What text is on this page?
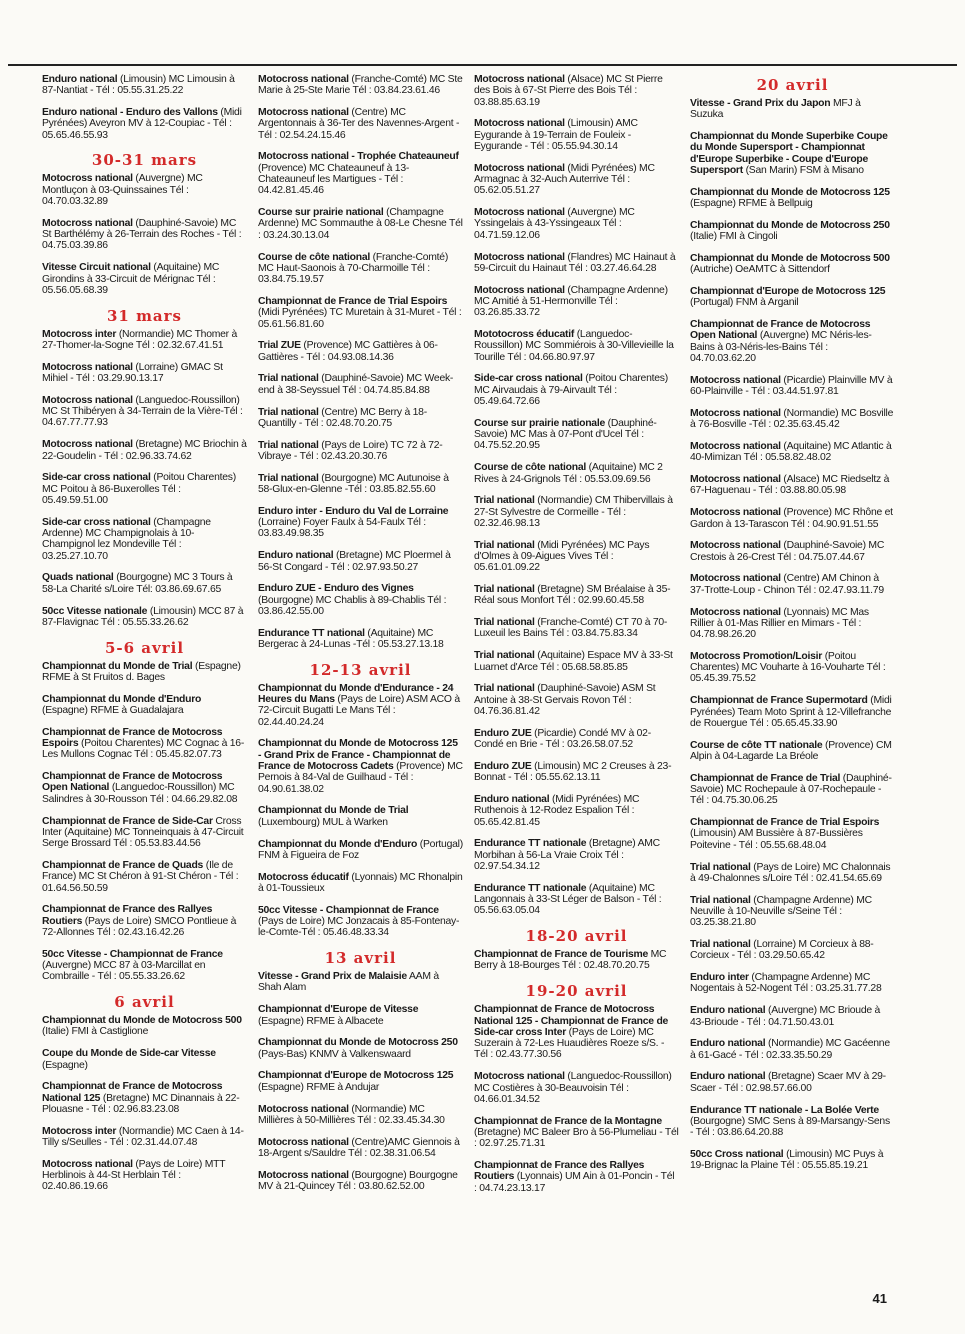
Enduro national (Limousin) MC Limousin à 87-Nantiat - Tél : 05.55.31.25.22
Enduro national - Enduro des Vallons (Midi Pyrénées) Aveyron MV à 12-Coupiac - Tél : 05.65.46.55.93
30-31 mars
Motocross national (Auvergne) MC Montluçon à 03-Quinssaines Tél : 04.70.03.32.89
Motocross national (Dauphiné-Savoie) MC St Barthélémy à 26-Terrain des Roches - Tél : 04.75.03.39.86
Vitesse Circuit national (Aquitaine) MC Girondins à 33-Circuit de Mérignac Tél : 05.56.05.68.39
31 mars
Motocross inter (Normandie) MC Thomer à 27-Thomer-la-Sogne Tél : 02.32.67.41.51
Motocross national (Lorraine) GMAC St Mihiel - Tél : 03.29.90.13.17
Motocross national (Languedoc-Roussillon) MC St Thibéryen à 34-Terrain de la Vière-Tél : 04.67.77.77.93
Motocross national (Bretagne) MC Briochin à 22-Goudelin - Tél : 02.96.33.74.62
Side-car cross national (Poitou Charentes) MC Poitou à 86-Buxerolles Tél : 05.49.59.51.00
Side-car cross national (Champagne Ardenne) MC Champignolais à 10-Champignol lez Mondeville Tél : 03.25.27.10.70
Quads national (Bourgogne) MC 3 Tours à 58-La Charité s/Loire Tél: 03.86.69.67.65
50cc Vitesse nationale (Limousin) MCC 87 à 87-Flavignac Tél : 05.55.33.26.62
5-6 avril
Championnat du Monde de Trial (Espagne) RFME à St Fruitos d. Bages
Championnat du Monde d'Enduro (Espagne) RFME à Guadalajara
Championnat de France de Motocross Espoirs (Poitou Charentes) MC Cognac à 16-Les Mullons Cognac Tél : 05.45.82.07.73
Championnat de France de Motocross Open National (Languedoc-Roussillon) MC Salindres à 30-Rousson Tél : 04.66.29.82.08
Championnat de France de Side-Car Cross Inter (Aquitaine) MC Tonneinquais à 47-Circuit Serge Brossard Tél : 05.53.83.44.56
Championnat de France de Quads (Ile de France) MC St Chéron à 91-St Chéron - Tél : 01.64.56.50.59
Championnat de France des Rallyes Routiers (Pays de Loire) SMCO Pontlieue à 72-Allonnes Tél : 02.43.16.42.26
50cc Vitesse - Championnat de France (Auvergne) MCC 87 à 03-Marcillat en Combraille - Tél : 05.55.33.26.62
6 avril
Championnat du Monde de Motocross 500 (Italie) FMI à Castiglione
Coupe du Monde de Side-car Vitesse (Espagne)
Championnat de France de Motocross National 125 (Bretagne) MC Dinannais à 22-Plouasne - Tél : 02.96.83.23.08
Motocross inter (Normandie) MC Caen à 14-Tilly s/Seulles - Tél : 02.31.44.07.48
Motocross national (Pays de Loire) MTT Herblinois à 44-St Herblain Tél : 02.40.86.19.66
Motocross national (Franche-Comté) MC Ste Marie à 25-Ste Marie Tél : 03.84.23.61.46
Motocross national (Centre) MC Argentonnais à 36-Ter des Navennes-Argent - Tél : 02.54.24.15.46
Motocross national - Trophée Chateauneuf (Provence) MC Chateauneuf à 13-Chateauneuf les Martigues - Tél : 04.42.81.45.46
Course sur prairie national (Champagne Ardenne) MC Sommauthe à 08-Le Chesne Tél : 03.24.30.13.04
Course de côte national (Franche-Comté) MC Haut-Saonois à 70-Charmoille Tél : 03.84.75.19.57
Championnat de France de Trial Espoirs (Midi Pyrénées) TC Muretain à 31-Muret - Tél : 05.61.56.81.60
Trial ZUE (Provence) MC Gattières à 06-Gattières - Tél : 04.93.08.14.36
Trial national (Dauphiné-Savoie) MC Week-end à 38-Seyssuel Tél : 04.74.85.84.88
Trial national (Centre) MC Berry à 18-Quantilly - Tél : 02.48.70.20.75
Trial national (Pays de Loire) TC 72 à 72-Vibraye - Tél : 02.43.20.30.76
Trial national (Bourgogne) MC Autunoise à 58-Glux-en-Glenne -Tél : 03.85.82.55.60
Enduro inter - Enduro du Val de Lorraine (Lorraine) Foyer Faulx à 54-Faulx Tél : 03.83.49.98.35
Enduro national (Bretagne) MC Ploermel à 56-St Congard - Tél : 02.97.93.50.27
Enduro ZUE - Enduro des Vignes (Bourgogne) MC Chablis à 89-Chablis Tél : 03.86.42.55.00
Endurance TT national (Aquitaine) MC Bergerac à 24-Lunas -Tél : 05.53.27.13.18
12-13 avril
Championnat du Monde d'Endurance - 24 Heures du Mans (Pays de Loire) ASM ACO à 72-Circuit Bugatti Le Mans Tél : 02.44.40.24.24
Championnat du Monde de Motocross 125 - Grand Prix de France - Championnat de France de Motocross Cadets (Provence) MC Pernois à 84-Val de Guilhaud - Tél : 04.90.61.38.02
Championnat du Monde de Trial (Luxembourg) MUL à Warken
Championnat du Monde d'Enduro (Portugal) FNM à Figueira de Foz
Motocross éducatif (Lyonnais) MC Rhonalpin à 01-Toussieux
50cc Vitesse - Championnat de France (Pays de Loire) MC Jonzacais à 85-Fontenay-le-Comte-Tél : 05.46.48.33.34
13 avril
Vitesse - Grand Prix de Malaisie AAM à Shah Alam
Championnat d'Europe de Vitesse (Espagne) RFME à Albacete
Championnat du Monde de Motocross 250 (Pays-Bas) KNMV à Valkenswaard
Championnat d'Europe de Motocross 125 (Espagne) RFME à Andujar
Motocross national (Normandie) MC Millières à 50-Millières Tél : 02.33.45.34.30
Motocross national (Centre)AMC Giennois à 18-Argent s/Sauldre Tél : 02.38.31.06.54
Motocross national (Bourgogne) Bourgogne MV à 21-Quincey Tél : 03.80.62.52.00
Motocross national (Alsace) MC St Pierre des Bois à 67-St Pierre des Bois Tél : 03.88.85.63.19
Motocross national (Limousin) AMC Eygurande à 19-Terrain de Fouleix - Eygurande - Tél : 05.55.94.30.14
Motocross national (Midi Pyrénées) MC Armagnac à 32-Auch Auterrive Tél : 05.62.05.51.27
Motocross national (Auvergne) MC Yssingelais à 43-Yssingeaux Tél : 04.71.59.12.06
Motocross national (Flandres) MC Hainaut à 59-Circuit du Hainaut Tél : 03.27.46.64.28
Motocross national (Champagne Ardenne) MC Amitié à 51-Hermonville Tél : 03.26.85.33.72
Mototocross éducatif (Languedoc-Roussillon) MC Sommiérois à 30-Villevieille la Tourille Tél : 04.66.80.97.97
Side-car cross national (Poitou Charentes) MC Airvaudais à 79-Airvault Tél : 05.49.64.72.66
Course sur prairie nationale (Dauphiné-Savoie) MC Mas à 07-Pont d'Ucel Tél : 04.75.52.20.95
Course de côte national (Aquitaine) MC 2 Rives à 24-Grignols Tél : 05.53.09.69.56
Trial national (Normandie) CM Thibervillais à 27-St Sylvestre de Cormeille - Tél : 02.32.46.98.13
Trial national (Midi Pyrénées) MC Pays d'Olmes à 09-Aigues Vives Tél : 05.61.01.09.22
Trial national (Bretagne) SM Bréalaise à 35-Réal sous Monfort Tél : 02.99.60.45.58
Trial national (Franche-Comté) CT 70 à 70-Luxeuil les Bains Tél : 03.84.75.83.34
Trial national (Aquitaine) Espace MV à 33-St Luarnet d'Arce Tél : 05.68.58.85.85
Trial national (Dauphiné-Savoie) ASM St Antoine à 38-St Gervais Rovon Tél : 04.76.36.81.42
Enduro ZUE (Picardie) Condé MV à 02-Condé en Brie - Tél : 03.26.58.07.52
Enduro ZUE (Limousin) MC 2 Creuses à 23-Bonnat - Tél : 05.55.62.13.11
Enduro national (Midi Pyrénées) MC Ruthenois à 12-Rodez Espalion Tél : 05.65.42.81.45
Endurance TT nationale (Bretagne) AMC Morbihan à 56-La Vraie Croix Tél : 02.97.54.34.12
Endurance TT nationale (Aquitaine) MC Langonnais à 33-St Léger de Balson - Tél : 05.56.63.05.04
18-20 avril
Championnat de France de Tourisme MC Berry à 18-Bourges Tél : 02.48.70.20.75
19-20 avril
Championnat de France de Motocross National 125 - Championnat de France de Side-car cross Inter (Pays de Loire) MC Suzerain à 72-Les Huaudières Roeze s/S. - Tél : 02.43.77.30.56
Motocross national (Languedoc-Roussillon) MC Costières à 30-Beauvoisin Tél : 04.66.01.34.52
Championnat de France de la Montagne (Bretagne) MC Baleer Bro à 56-Plumeliau - Tél : 02.97.25.71.31
Championnat de France des Rallyes Routiers (Lyonnais) UM Ain à 01-Poncin - Tél : 04.74.23.13.17
20 avril
Vitesse - Grand Prix du Japon MFJ à Suzuka
Championnat du Monde Superbike Coupe du Monde Supersport - Championnat d'Europe Superbike - Coupe d'Europe Supersport (San Marin) FSM à Misano
Championnat du Monde de Motocross 125 (Espagne) RFME à Bellpuig
Championnat du Monde de Motocross 250 (Italie) FMI à Cingoli
Championnat du Monde de Motocross 500 (Autriche) OeAMTC à Sittendorf
Championnat d'Europe de Motocross 125 (Portugal) FNM à Arganil
Championnat de France de Motocross Open National (Auvergne) MC Néris-les-Bains à 03-Néris-les-Bains Tél : 04.70.03.62.20
Motocross national (Picardie) Plainville MV à 60-Plainville - Tél : 03.44.51.97.81
Motocross national (Normandie) MC Bosville à 76-Bosville -Tél : 02.35.63.45.42
Motocross national (Aquitaine) MC Atlantic à 40-Mimizan Tél : 05.58.82.48.02
Motocross national (Alsace) MC Riedseltz à 67-Haguenau - Tél : 03.88.80.05.98
Motocross national (Provence) MC Rhône et Gardon à 13-Tarascon Tél : 04.90.91.51.55
Motocross national (Dauphiné-Savoie) MC Crestois à 26-Crest Tél : 04.75.07.44.67
Motocross national (Centre) AM Chinon à 37-Trotte-Loup - Chinon Tél : 02.47.93.11.79
Motocross national (Lyonnais) MC Mas Rillier à 01-Mas Rillier en Mimars - Tél : 04.78.98.26.20
Motocross Promotion/Loisir (Poitou Charentes) MC Vouharte à 16-Vouharte Tél : 05.45.39.75.52
Championnat de France Supermotard (Midi Pyrénées) Team Moto Sprint à 12-Villefranche de Rouergue Tél : 05.65.45.33.90
Course de côte TT nationale (Provence) CM Alpin à 04-Lagarde La Bréole
Championnat de France de Trial (Dauphiné-Savoie) MC Rochepaule à 07-Rochepaule - Tél : 04.75.30.06.25
Championnat de France de Trial Espoirs (Limousin) AM Bussière à 87-Bussières Poitevine - Tél : 05.55.68.48.04
Trial national (Pays de Loire) MC Chalonnais à 49-Chalonnes s/Loire Tél : 02.41.54.65.69
Trial national (Champagne Ardenne) MC Neuville à 10-Neuville s/Seine Tél : 03.25.38.21.80
Trial national (Lorraine) M Corcieux à 88-Corcieux - Tél : 03.29.50.65.42
Enduro inter (Champagne Ardenne) MC Nogentais à 52-Nogent Tél : 03.25.31.77.28
Enduro national (Auvergne) MC Brioude à 43-Brioude - Tél : 04.71.50.43.01
Enduro national (Normandie) MC Gacéenne à 61-Gacé - Tél : 02.33.35.50.29
Enduro national (Bretagne) Scaer MV à 29-Scaer - Tél : 02.98.57.66.00
Endurance TT nationale - La Bolée Verte (Bourgogne) SMC Sens à 89-Marsangy-Sens - Tél : 03.86.64.20.88
50cc Cross national (Limousin) MC Puys à 19-Brignac la Plaine Tél : 05.55.85.19.21
41
